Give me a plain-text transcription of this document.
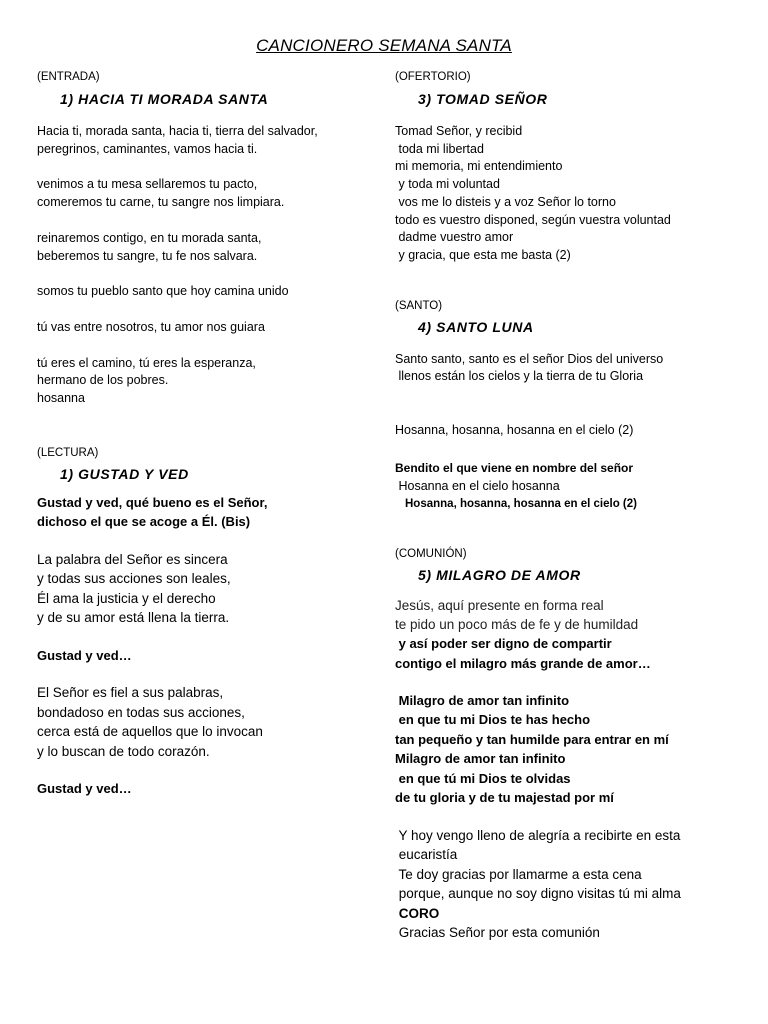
CANCIONERO SEMANA SANTA
(ENTRADA)
1) HACIA TI MORADA SANTA
Hacia ti, morada santa, hacia ti, tierra del salvador,
peregrinos, caminantes, vamos hacia ti.
venimos a tu mesa sellaremos tu pacto,
comeremos tu carne, tu sangre nos limpiara.
reinaremos contigo, en tu morada santa,
beberemos tu sangre, tu fe nos salvara.
somos tu pueblo santo que hoy camina unido
tú vas entre nosotros, tu amor nos guiara
tú eres el camino, tú eres la esperanza,
hermano de los pobres.
hosanna
(LECTURA)
1) GUSTAD Y VED
Gustad y ved, qué bueno es el Señor,
dichoso el que se acoge a Él. (Bis)
La palabra del Señor es sincera
y todas sus acciones son leales,
Él ama la justicia y el derecho
y de su amor está llena la tierra.
Gustad y ved…
El Señor es fiel a sus palabras,
bondadoso en todas sus acciones,
cerca está de aquellos que lo invocan
y lo buscan de todo corazón.
Gustad y ved…
(OFERTORIO)
3) TOMAD SEÑOR
Tomad Señor, y recibid
toda mi libertad
mi memoria, mi entendimiento
y toda mi voluntad
vos me lo disteis y a voz Señor lo torno
todo es vuestro disponed, según vuestra voluntad
dadme vuestro amor
y gracia, que esta me basta (2)
(SANTO)
4) SANTO LUNA
Santo santo, santo es el señor Dios del universo
llenos están los cielos y la tierra de tu Gloria
Hosanna, hosanna, hosanna en el cielo (2)
Bendito el que viene en nombre del señor
Hosanna en el cielo hosanna
Hosanna, hosanna, hosanna en el cielo (2)
(COMUNIÓN)
5) MILAGRO DE AMOR
Jesús, aquí presente en forma real
te pido un poco más de fe y de humildad
y así poder ser digno de compartir
contigo el milagro más grande de amor…
Milagro de amor tan infinito
en que tu mi Dios te has hecho
tan pequeño y tan humilde para entrar en mí
Milagro de amor tan infinito
en que tú mi Dios te olvidas
de tu gloria y de tu majestad por mí
Y hoy vengo lleno de alegría a recibirte en esta
eucaristía
Te doy gracias por llamarme a esta cena
porque, aunque no soy digno visitas tú mi alma
CORO
Gracias Señor por esta comunión
